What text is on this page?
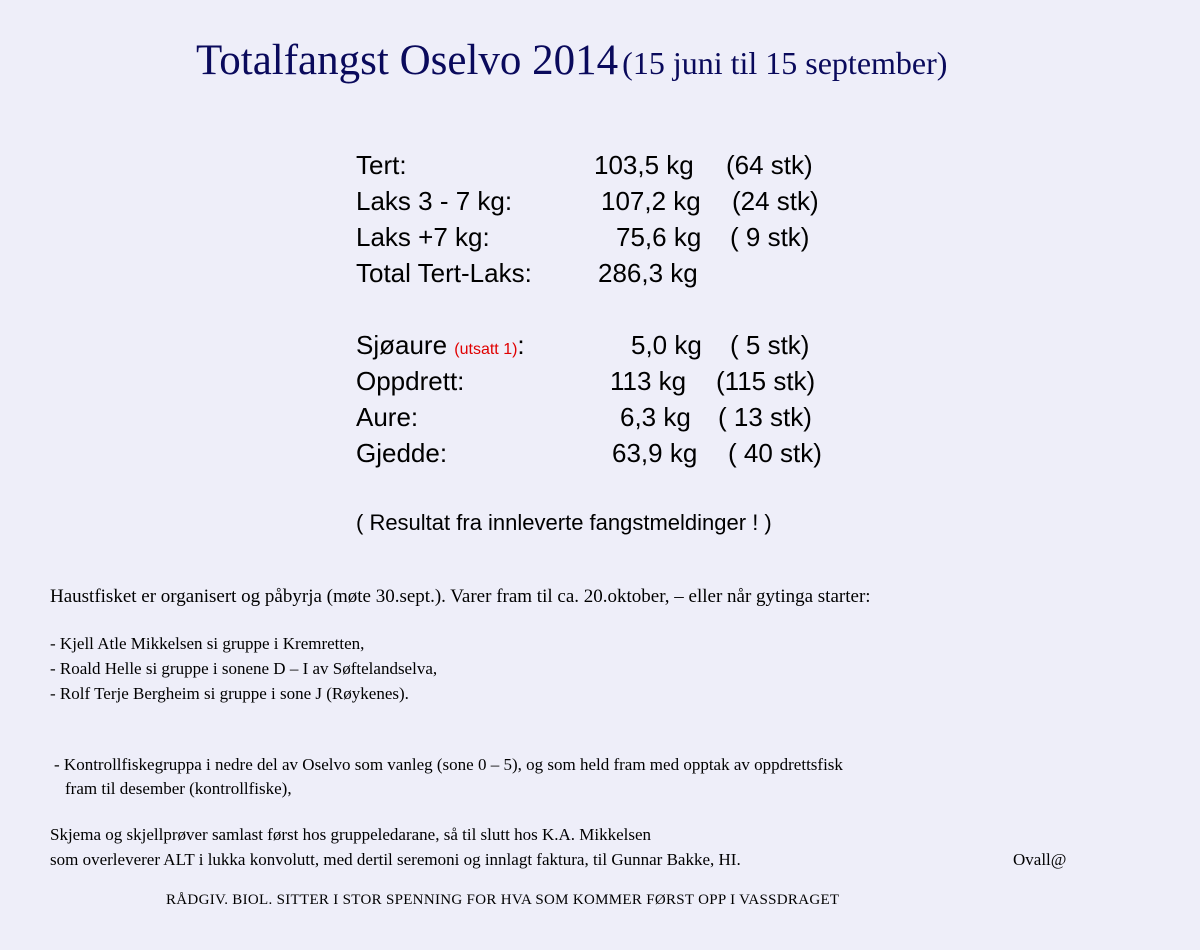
Totalfangst Oselvo 2014 (15 juni til 15 september)
Tert:	103,5 kg (64 stk)
Laks 3 - 7 kg:	107,2 kg (24 stk)
Laks +7 kg:	75,6 kg ( 9 stk)
Total Tert-Laks:	286,3 kg
Sjøaure (utsatt 1):	5,0 kg ( 5 stk)
Oppdrett:	113 kg (115 stk)
Aure:	6,3 kg ( 13 stk)
Gjedde:	63,9 kg ( 40 stk)
( Resultat fra innleverte fangstmeldinger ! )
Haustfisket er organisert og påbyrja (møte 30.sept.). Varer fram til ca. 20.oktober, – eller når gytinga starter:
- Kjell Atle Mikkelsen si gruppe i Kremretten,
- Roald Helle si gruppe i sonene D – I av Søftelandselva,
- Rolf Terje Bergheim si gruppe i sone J (Røykenes).
- Kontrollfiskegruppa i nedre del av Oselvo som vanleg (sone 0 – 5), og som held fram med opptak av oppdrettsfisk
fram til desember (kontrollfiske),
Skjema og skjellprøver samlast først hos gruppeledarane, så til slutt hos K.A. Mikkelsen
som overleverer ALT i lukka konvolutt, med dertil seremoni og innlagt faktura, til Gunnar Bakke, HI.	Ovall@
RÅDGIV. BIOL. SITTER I STOR SPENNING FOR HVA SOM KOMMER FØRST OPP I VASSDRAGET
